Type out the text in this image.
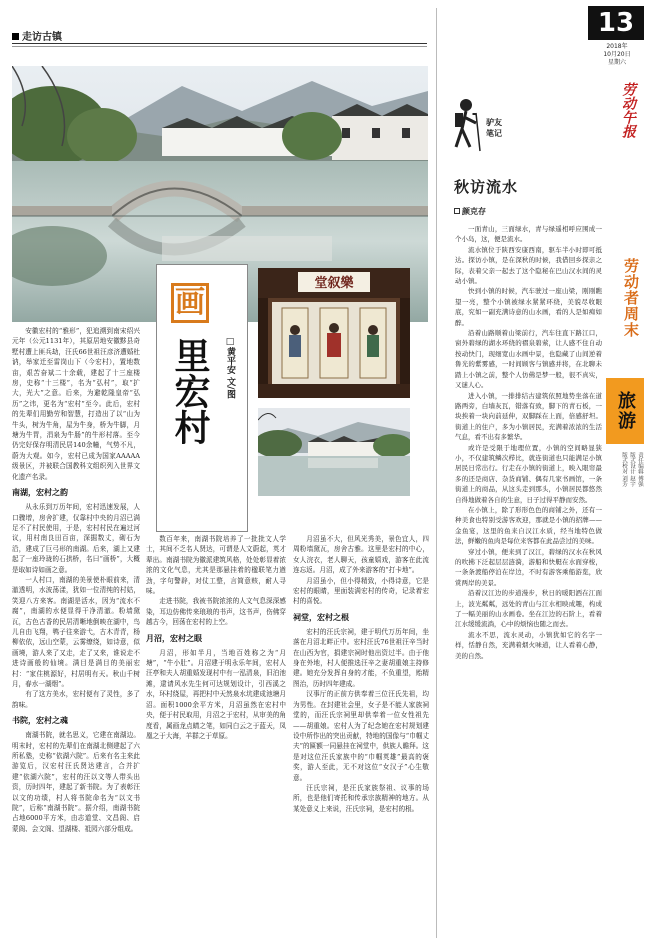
走访古镇
画
里宏村	□黄平安 文/图
堂叙樂

安徽宏村的“雅形”，犯追溯到南宋绍兴元年（公元1131年），其原居地安徽黟县奇墅村遭上匪兵劫，汪氏66世祖汪彦济遭婚杜讷，举家迁至雷岗山下（今宏村），置地数亩，艰苦奋斌二十余载，建起了十三座楼房，史称“十三楼”，名为“弘村”，取“扩大，光大”之意。后来，为避乾隆皇帝“弘历”之讳，更名为“宏村”至今。此后，宏村的先辈们用勤劳和智慧，打造出了以“山为牛头，树为牛角，屋为牛身，桥为牛脚，月塘为牛胃，涓泉为牛肠”的牛形村落。至今仍完好保存明清民居140余幢，气势不凡，蔚为大观。如今，宏村已成为国家AAAAA级景区，并被联合国教科文组织列入世界文化遗产名录。

南湖，宏村之韵

从永乐到万历年间，宏村迅速发展，人口骤增，房舍扩建，仅靠村中央的月沼已满足不了村民使用，于是，宏村村民在遍过河议，用村南良田百亩，深掘数丈，砌石为沿，建成了巨弓形的南湖。后来，湖上又建起了一座玲珑的石拱桥，名曰“画桥”，大概是取如诗如画之意。

一人村口，南湖的美景使朴眼前来，清澈透明，水波荡漾，犹如一位清纯的村姑，笑迎八方来客。南湖是活水，因为“流水不腐”，南湖的水便显得干净清澈。粉墙黛瓦，古色古香的民居清晰地倒映在湖中，鸟儿自由飞翔，鸭子往来游弋，古木青青，杨柳依依，远山空蒙，云雾缭绕，如诗意，似画境，游人来了又走，走了又来，谁说走不进诗画般的仙境。满目是满目的美丽宏村：“家住桃源好，村居明有天。秋山千树月，春水一湖烟”。

有了这方美水，宏村便有了灵性，多了韵味。

书院，宏村之魂

南湖书院，就名思义，它建在南湖边。明末时，宏村的先辈们在南湖北侧建起了六所私塾，史称“依湖六院”。后来有名主来此游览后，汉宏村汪氏贤达建言，合并扩建“依湖六院”，宏村的汪以文等人带头出资，历时四年，建起了新书院。为了表彰汪以文的功绩，村人将书院命名为“以文书院”，后称“南湖书院”。据介绍，南湖书院占地6000平方米，由志道堂、文昌阁、启蒙阁、会文阁、望湖楼、祗园六部分组成。

数百年来，南湖书院培养了一批批文人学士，其间不乏名人贤达，可谓是人文蔚起，英才辈出。南湖书院为徽派建筑风格，处处彰显着浓浓的文化气息，尤其是那悬挂着的楹联笔力遒劲，字句警辟，对仗工整，言简意赅，耐人寻味。

走进书院，我被书院浓浓的人文气息深深感染，耳边仿佛传来琅琅的书声，这书声，伤佛穿越古今，回荡在宏村的上空。

月沼，宏村之眼

月沼，形如半月，当地百姓称之为“月塘”，“牛小肚”。月沼建于明永乐年间，宏村人汪亭和夫人胡重婚发现村中有一泓清泉，旧泊池滩，逮请风水先生何可达规划设计，引西溪之水，环村绕屋，再把村中天然泉水坑建成池塘月沼。面积1000余平方米，月沼虽然在宏村中央，便于村民取用，月沼之于宏村，从审美的角度看，属画龙点睛之笔，如同白云之于蓝天，凤凰之于大海，羊群之于草原。

月沼虽不大，但风光秀美，景色宜人，四周粉墙黛瓦，房舍古雅。这里是宏村的中心，女人浣衣，老人聊天，孩童嬉戏，游客在此流连忘返。月沼，成了外来游客的“打卡地”。

月沼虽小，但小得精致，小得诗意，它是宏村的眼睛，里面装满宏村的传奇，记录着宏村的喜悦。

祠堂，宏村之根

宏村的汪氏宗祠，建于明代万历年间，坐落在月沼北畔正中。宏村汪氏76世祖汪辛当时在山西为官，捐建宗祠时他出资过半。由于他身在外地，村人便推选汪辛之妻胡重娘主持修建。她充分发挥自身的才能，不负重望，贻精图治，历时四年建成。

汉事厅的正前方供奉着三位汪氏先祖，均为男性。在封建社会里，女子是不能人家族祠堂的，而汪氏宗祠里却供奉着一位女性祖先——胡重娘。宏村人为了纪念她在宏村规划建设中所作出的突出贡献，特地的国像与“巾帼丈夫”的匾额一同悬挂在祠堂中，供族人瞻拜。这是对这位汪氏家族中的“巾帼英雄”最高的褒奖，游人至此，无不对这位“女汉子”心生敬意。

汪氏宗祠，是汪氏家族祭祖、议事的场所，也是他们寄托和传承宗族精神的地方。从某处意义上来说，汪氏宗祠，是宏村的根。

13
2018年
10月20日
星期六
劳动午报
劳动者周末
旅游
责任编辑 傅强
版式设计 赵宇
版式校对 刘芳
驴友
笔记
秋访流水
颜克存

一面青山，三面绿水，青与绿遥相呼应围成一个小岛，这，便是流水。

流水镇位于陕西安康西南，驱车半小时即可抵达。探访小镇，是在深秋的时候，我借回乡探亲之际，表着父亲一起去了这个隐秘在巴山汉水间的灵动小镇。

快到小镇的时候，汽车驶过一座山梁，刚刚瞧望一亮，整个小镇被绿水紧紧环绕，美貌尽收眼底，究如一副充满诗意的山水画，看的人是如痴如醉。

沿着山路顺着山梁前行，汽车往直下路江口，窗外碧绿的湖水环绕的褶泉碧萦，让人感不住自动按动快门，现细宽山水画中景，也隐藏了山间逆着鲁光的紫雾感，一时间顾客与镇感并将，在北聊未踏上小镇之前，整个人仿佛是梦一般，很不真实，又谜人心。

进入小镇，一排排结古建筑依照地势坐落在道路两旁，白墙灰瓦，错落有致，脚下的青石板，一块挨着一块向前延伸，双脚踩在上面，倍感舒坦。街道上的住户，多为小镇居民，充满着浓浓的生活气息，看不出有多繁华。

或许是受限于地理位置，小镇的空间略显狭小，不仅建筑鳞次栉比，就连街道也只能满足小镇居民日常出行。行走在小镇的街道上，映入眼帘最多的还是商店、杂货商铺、偶有几家书画馆，一条街道上的商品，从这头走到那头，小镇居民都悠然自得地做着各自的生意，日子过得平静而安然。

在小镇上，除了形形色色的商铺之外，还有一种美食也特别受游客欢迎，那就是小镇的招牌——金鱼宴，这里的鱼来自汉江水质，经当地特色做法，鲜嫩的鱼肉是每位来客都在此品尝过的美味。

穿过小镇，便来到了汉江，碧绿的汉水在秋风的吹拂下泛起层层涟漪，游船和快艇在水面穿梭，一条条渡船停泊在岸边，不时有游客乘船游览，欣赏两岸的美景。

沿着汉江边的步道漫步，秋日的暖阳洒在江面上，波光粼粼，远处的青山与江水相映成趣，构成了一幅美丽的山水画卷。坐在江边的石阶上，看着江水缓缓流淌，心中的烦恼也随之而去。

流水不思，流水灵动，小镇犹如它的名字一样，恬静自然，充满着烟火味道，让人看着心静，美的自然。
